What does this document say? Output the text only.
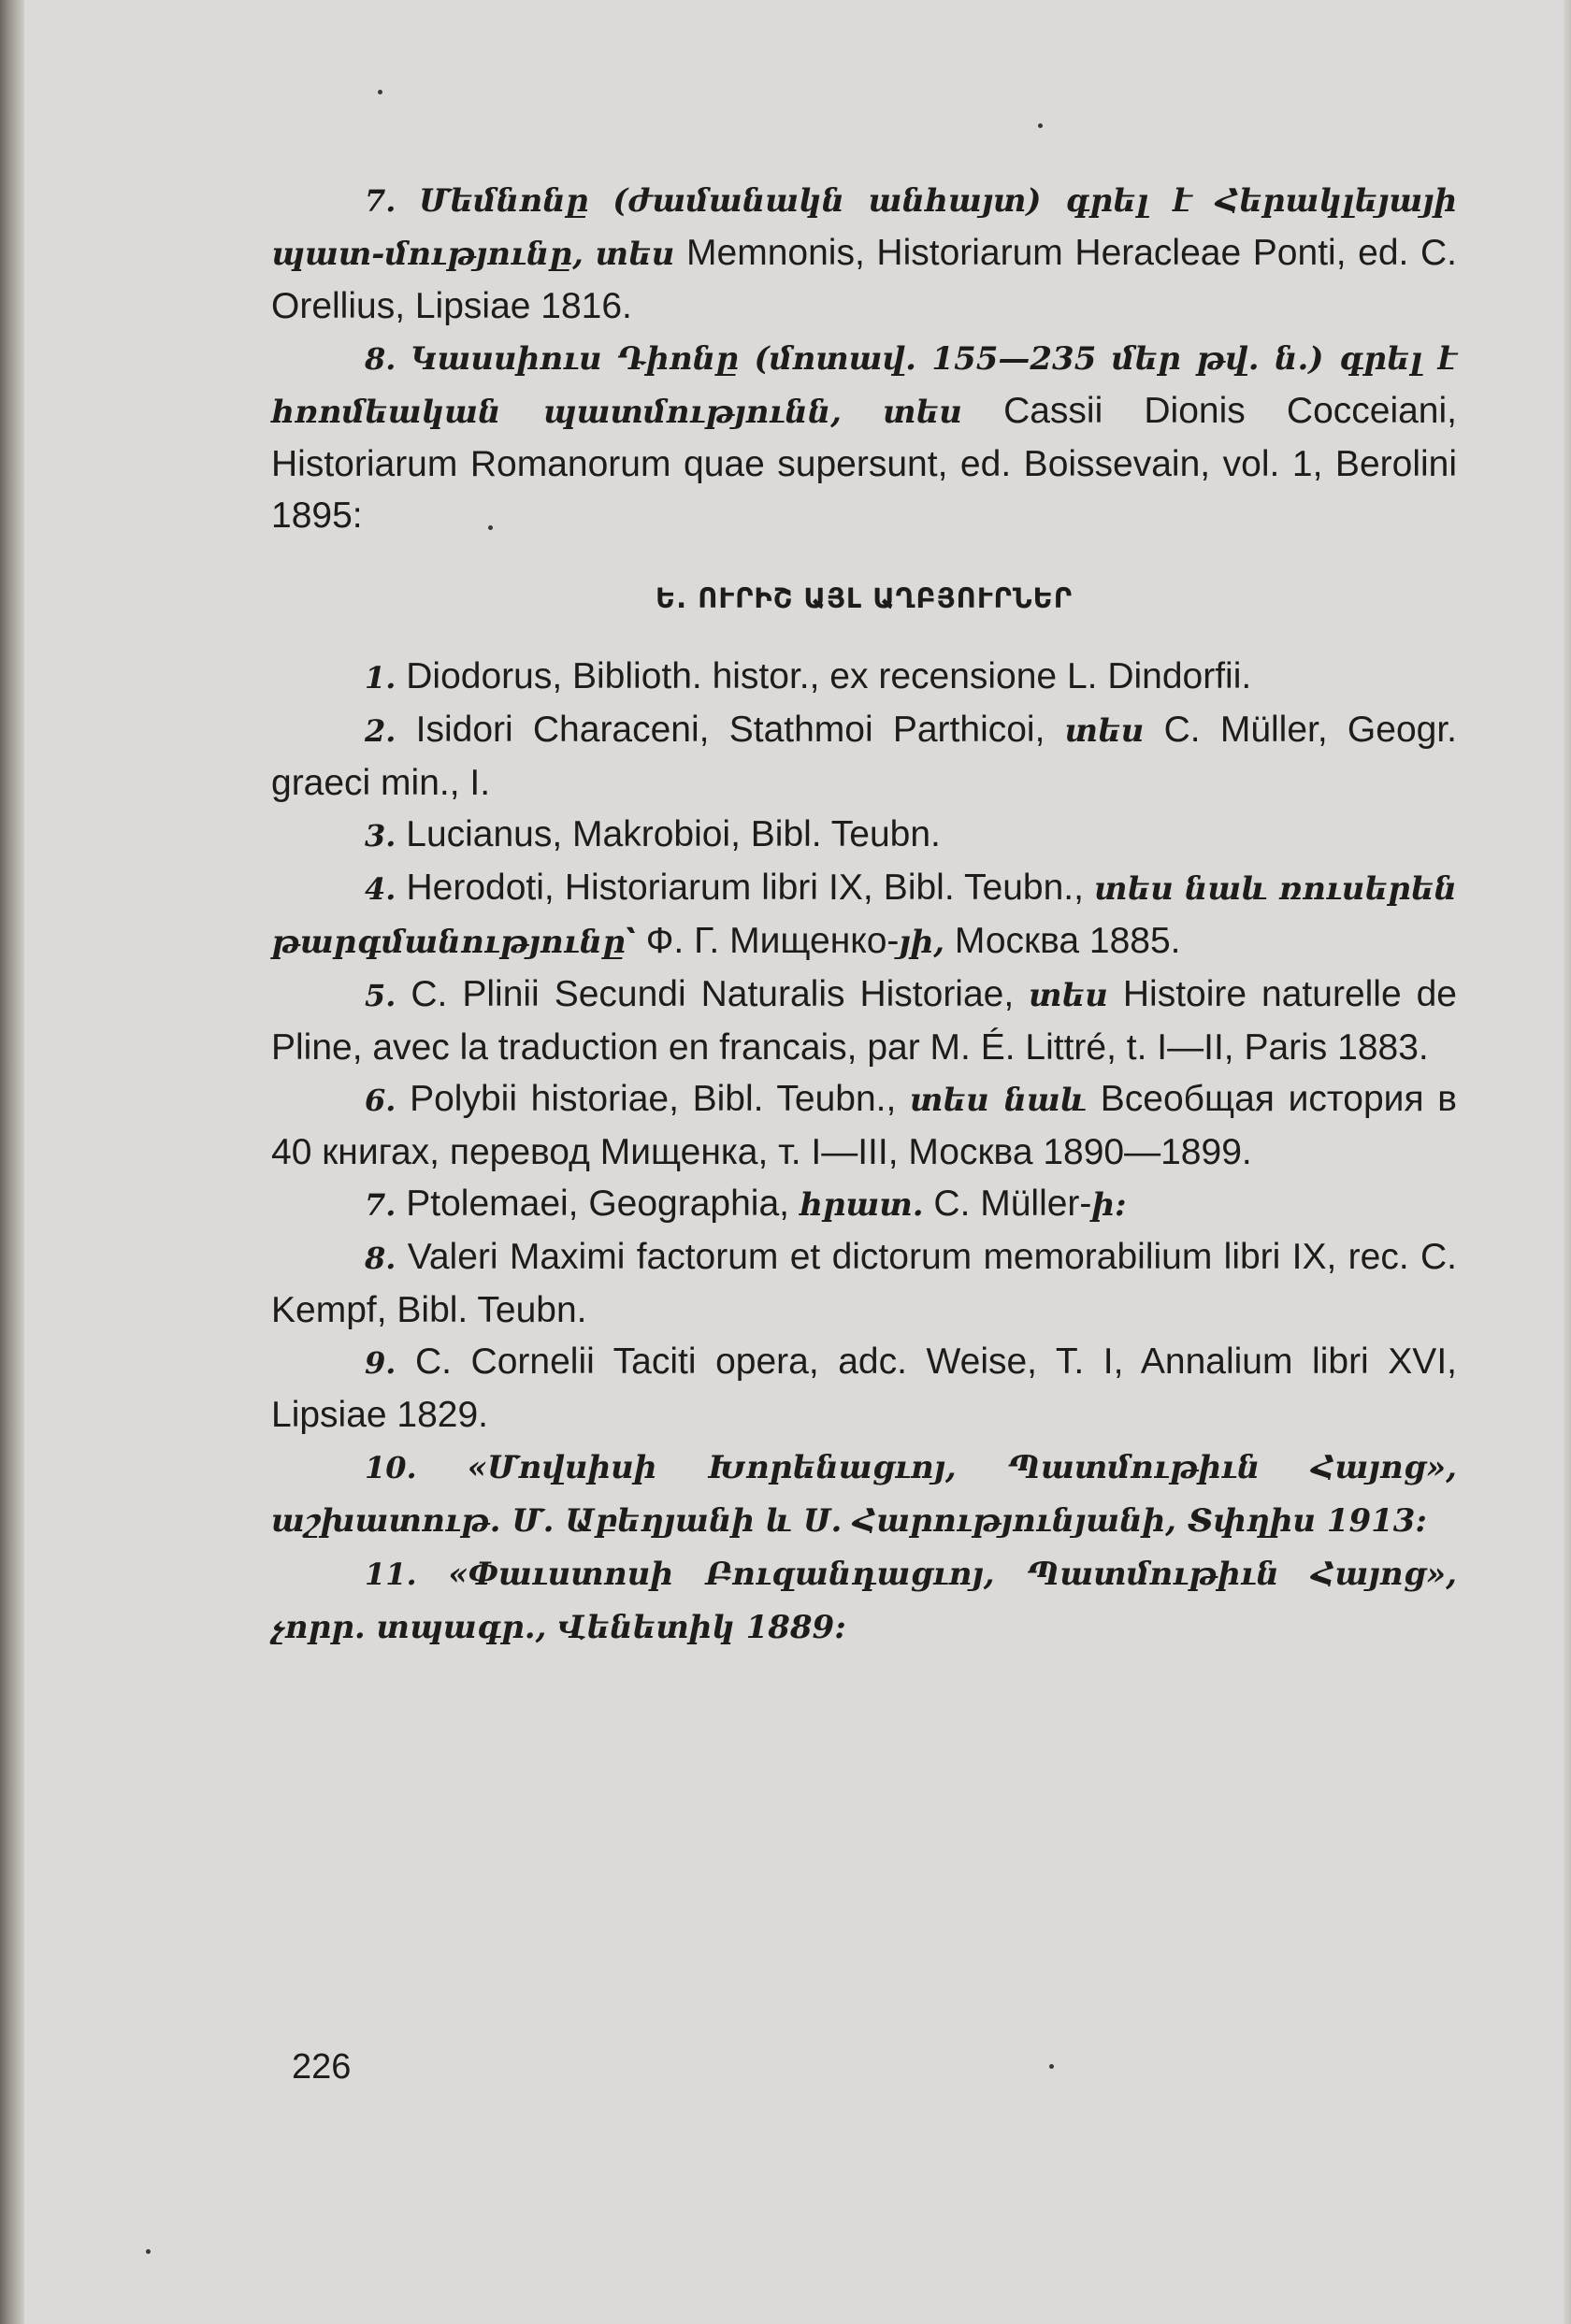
7. Մեմնոնը (ժամանակն անհայտ) գրել է Հերակլեյայի պատ-մությունը, տես Memnonis, Historiarum Heracleae Ponti, ed. C. Orellius, Lipsiae 1816.

8. Կասսիուս Դիոնը (մոտավ. 155—235 մեր թվ. ն.) գրել է հռոմեական պատմությունն, տես Cassii Dionis Cocceiani, Historiarum Romanorum quae supersunt, ed. Boissevain, vol. 1, Berolini 1895:

Ե. ՈՒՐԻՇ ԱՅԼ ԱՂԲՅՈՒՐՆԵՐ

1. Diodorus, Biblioth. histor., ex recensione L. Dindorfii.

2. Isidori Characeni, Stathmoi Parthicoi, տես C. Müller, Geogr. graeci min., I.

3. Lucianus, Makrobioi, Bibl. Teubn.

4. Herodoti, Historiarum libri IX, Bibl. Teubn., տես նաև ռուսերեն թարգմանությունը՝ Ф. Г. Мищенко-յի, Москва 1885.

5. C. Plinii Secundi Naturalis Historiae, տես Histoire naturelle de Pline, avec la traduction en francais, par M. É. Littré, t. I—II, Paris 1883.

6. Polybii historiae, Bibl. Teubn., տես նաև Всеобщая история в 40 книгах, перевод Мищенка, т. I—III, Москва 1890—1899.

7. Ptolemaei, Geographia, հրատ. C. Müller-ի:

8. Valeri Maximi factorum et dictorum memorabilium libri IX, rec. C. Kempf, Bibl. Teubn.

9. C. Cornelii Taciti opera, adc. Weise, T. I, Annalium libri XVI, Lipsiae 1829.

10. «Մովսիսի Խորենացւոյ, Պատմութիւն Հայոց», աշխատութ. Մ. Աբեղյանի և Ս. Հարությունյանի, Տփղիս 1913:

11. «Փաւստոսի Բուզանդացւոյ, Պատմութիւն Հայոց», չորր. տպագր., Վենետիկ 1889:

226
